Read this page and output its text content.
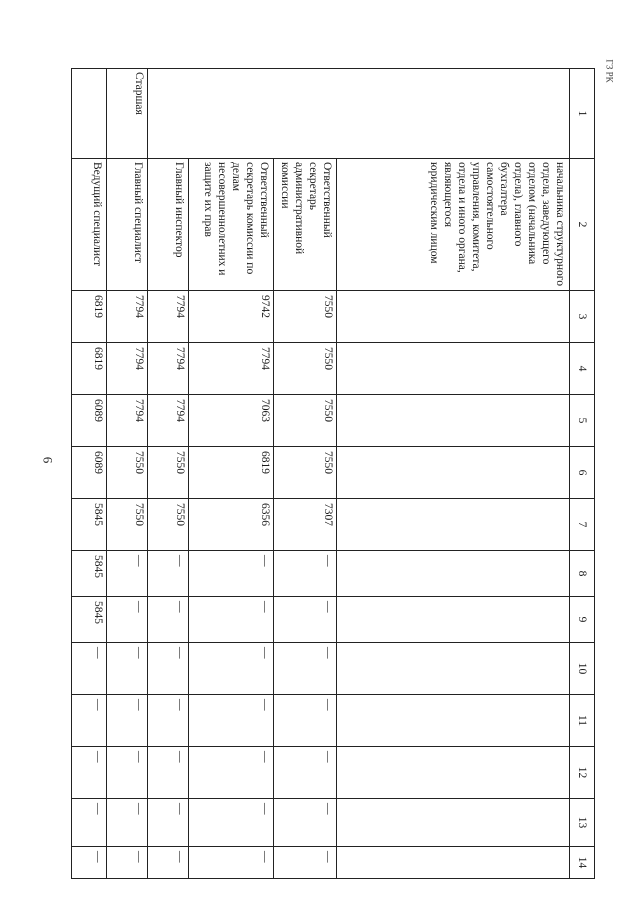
6
ГЗ РК
1	2	3	4	5	6	7	8	9	10	11	12	13	14
	начальника структурного отдела, заведующего отделом (начальника отдела), главного бухгалтера самостоятельного управления, комитета, отдела и иного органа, являющегося юридическим лицом												
	Ответственный секретарь административной комиссии	7550	7550	7550	7550	7307	—	—	—	—	—	—	—
	Ответственный секретарь комиссии по делам несовершеннолетних и защите их прав	9742	7794	7063	6819	6356	—	—	—	—	—	—	—
	Главный инспектор	7794	7794	7794	7550	7550	—	—	—	—	—	—	—
Старшая	Главный специалист	7794	7794	7794	7550	7550	—	—	—	—	—	—	—
	Ведущий специалист	6819	6819	6089	6089	5845	5845	5845	—	—	—	—	—
